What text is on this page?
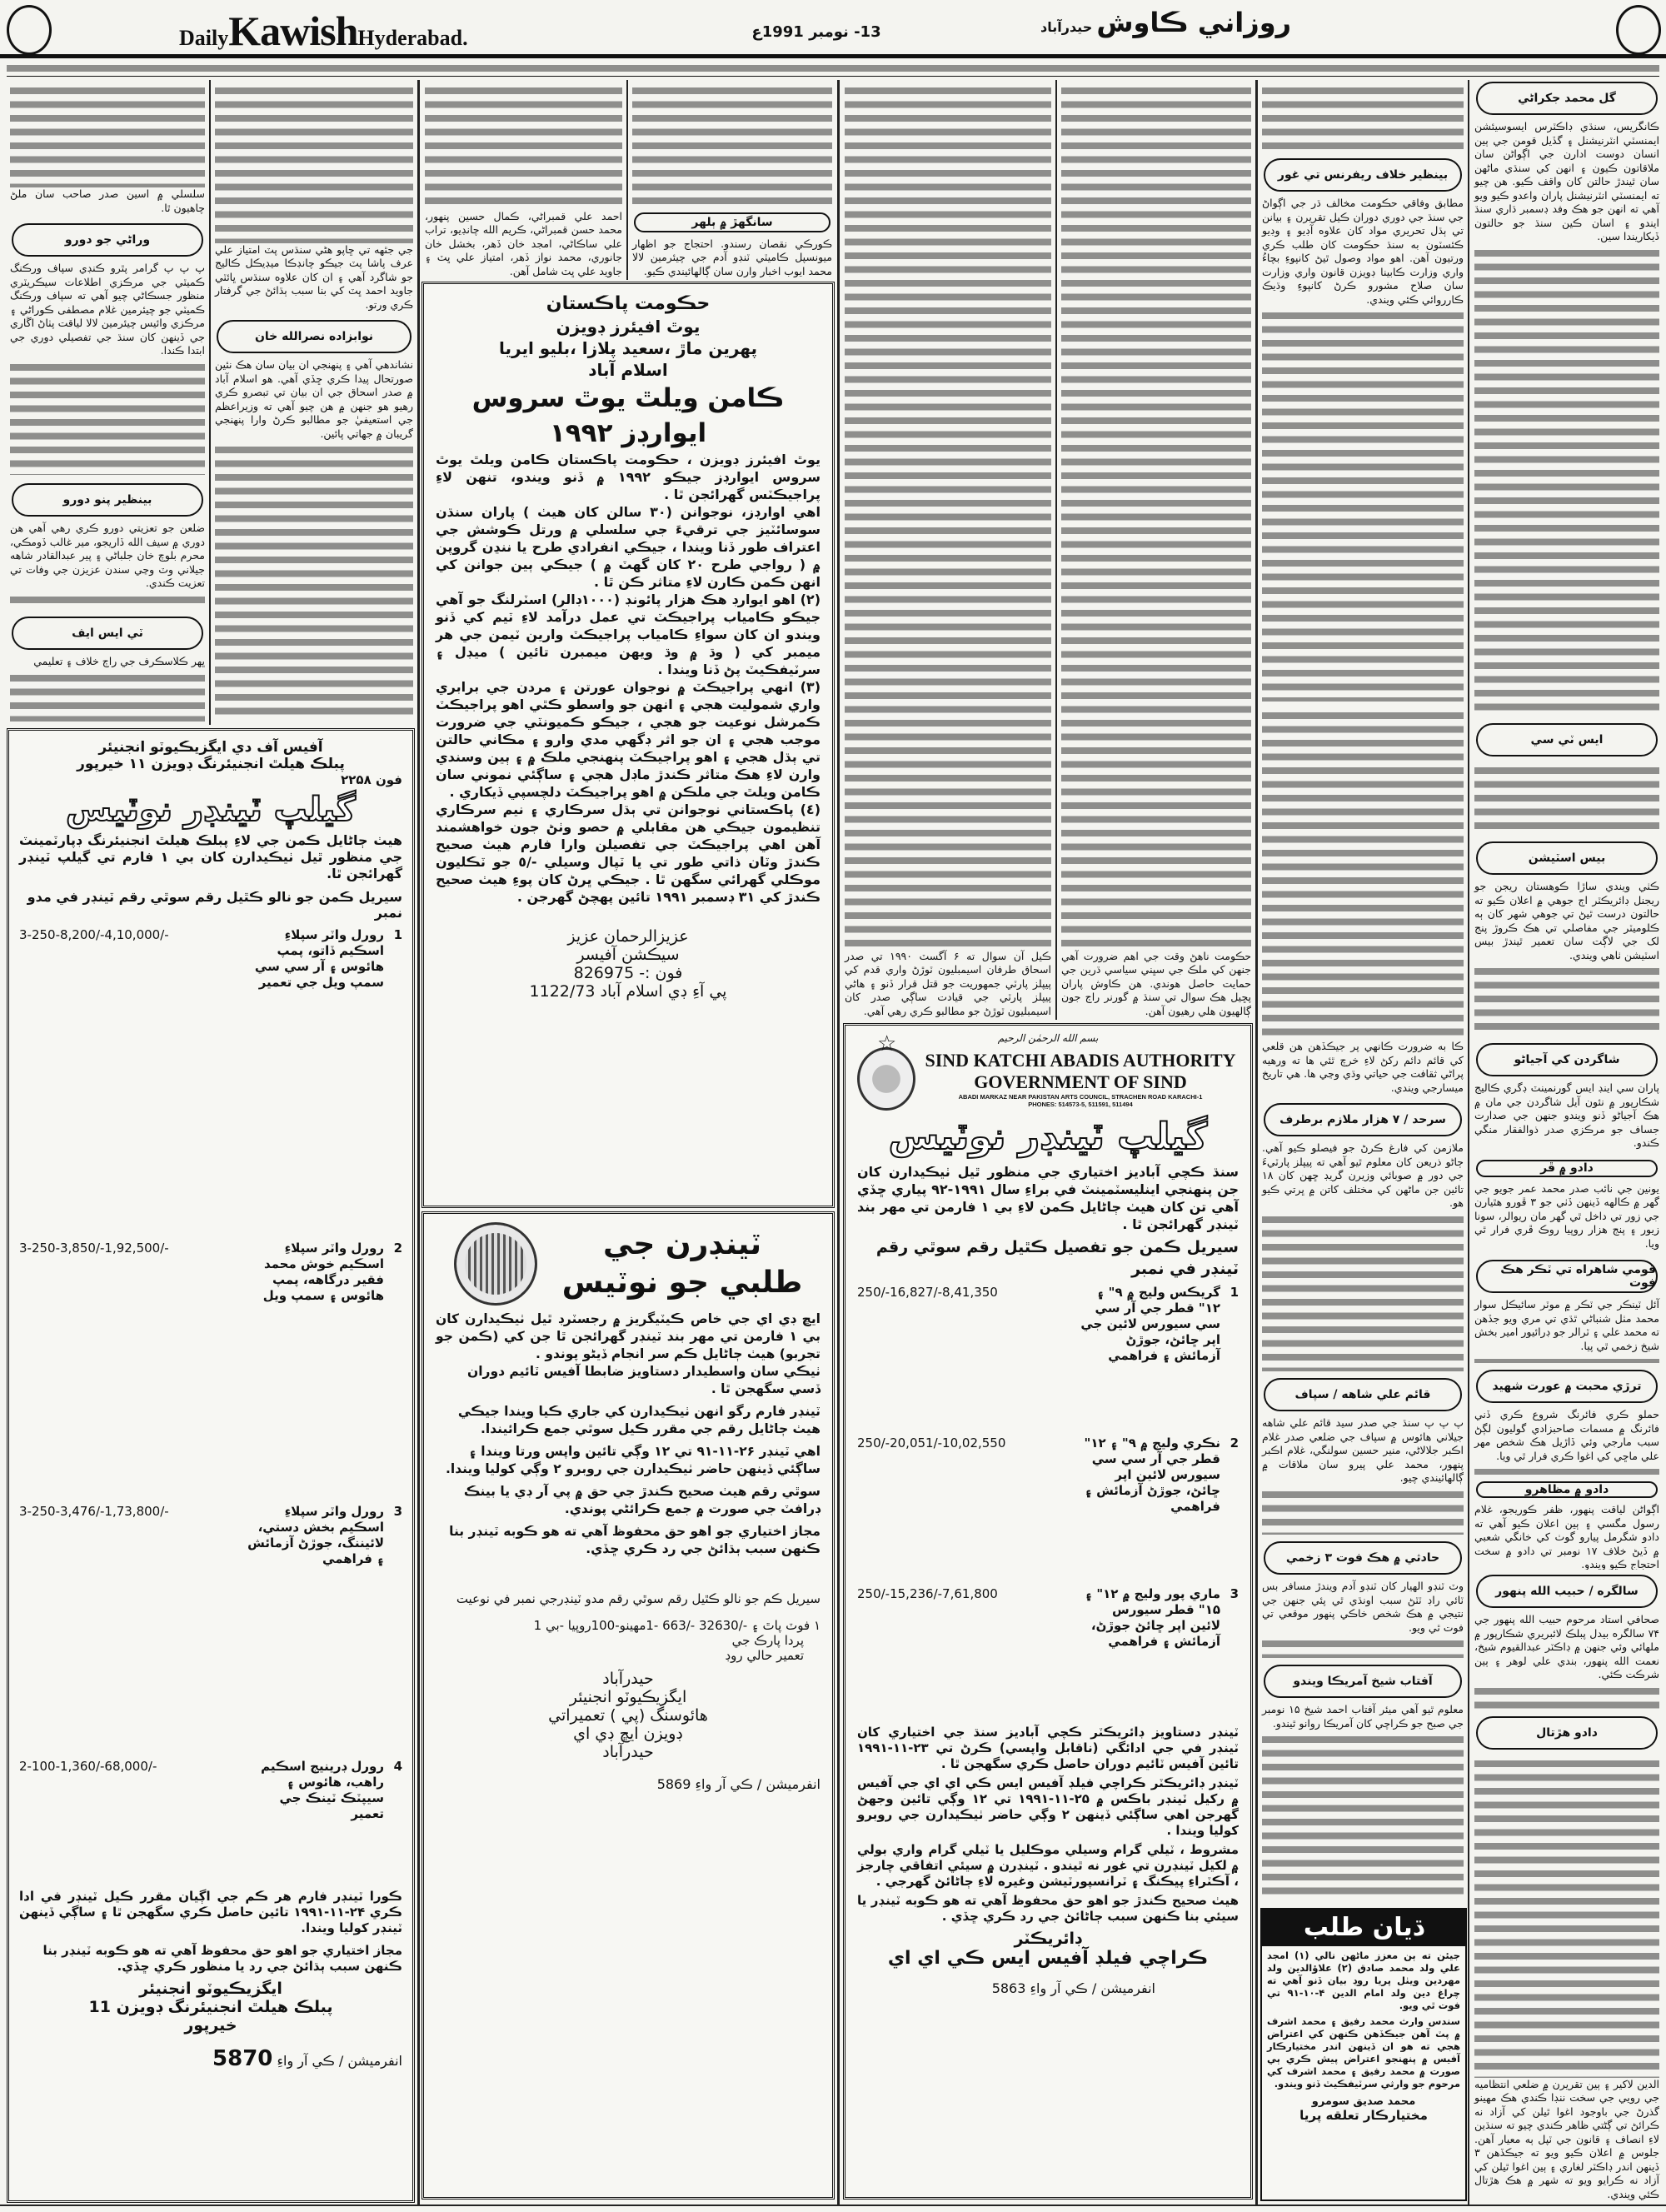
DailyKawishHyderabad.	13- نومبر 1991ع	روزاني ڪاوش حيدرآباد

سلسلي ۾ اسين صدر صاحب سان ملڻ چاهيون ٿا.

وراڻي جو دورو

پ پ پ گرامر پٿرو ڪنڊي سپاف ورڪنگ ڪميٽي جي مرڪزي اطلاعات سيڪريٽري منظور جسڪاڻي چيو آهي ته سپاف ورڪنگ ڪميٽي جو چيئرمين غلام مصطفى ڪوراڻي ۽ مرڪزي وائيس چيئرمين لالا لياقت پٺاڻ اڱاري جي ڏينهن کان سنڌ جي تفصيلي دوري جي ابتدا ڪندا.

بينظير پنو دورو

ضلعن جو تعزيتي دورو ڪري رهي آهي هن دوري ۾ سيف الله ڏاريجو، مير غالب ڏومڪي، محرم بلوچ خان جلباڻي ۽ پير عبدالقادر شاهه جيلاني وٽ وڃي سندن عزيزن جي وفات تي تعزيت ڪندي.

ٽي ايس ايف

ڀهر ڪلاسڪرف جي راڄ خلاف ۽ تعليمي

جي جٿهه تي ڇاپو هڻي سنڌس پٽ امتياز علي عرف پاشا پٽ جيڪو چانڊڪا ميڊيڪل ڪاليج جو شاگرد آهي ۽ ان کان علاوه سنڌس ڀائٽي جاويد احمد ڀٽ کي بنا سبب ٻڌائڻ جي گرفتار ڪري ورتو.

نوابزاده نصرالله خان

نشاندهي آهي ۽ پنهنجي ان بيان سان هڪ نئين صورتحال پيدا ڪري ڇڏي آهي. هو اسلام آباد ۾ صدر اسحاق جي ان بيان تي تبصرو ڪري رهيو هو جنهن ۾ هن چيو آهي ته وزيراعظم جي استعيفيٰ جو مطالبو ڪرڻ وارا پنهنجي گريبان ۾ جهاتي پائين.

احمد علي قمبراڻي، ڪمال حسين پنهور، محمد حسن قمبراڻي، ڪريم الله چانڊيو، تراب علي ساڪاڻي، امجد خان ڏهر، بخشل خان جانوري، محمد نواز ڏهر، امتياز علي ڀٽ ۽ جاويد علي ڀٽ شامل آهن.

سانگهڙ ۾ ٻلهر

ڪورڪي نقصان رسندو. احتجاج جو اظهار ميونسپل ڪاميٽي ٽنڊو آدم جي چيئرمين لالا محمد ايوب اخبار وارن سان ڳالهائيندي ڪيو.

ڪيل آن سوال ته ۶ آگسٽ ۱۹۹۰ تي صدر اسحاق طرفان اسيمبليون ٽوڙڻ واري قدم کي پيپلز پارٽي جمهوريت جو قتل قرار ڏنو ۽ هاڻي پيپلز پارٽي جي قيادت ساڳي صدر کان اسيمبليون ٽوڙڻ جو مطالبو ڪري رهي آهي.

حڪومت ناهڻ وقت جي اهم ضرورت آهي جنهن کي ملڪ جي سڀني سياسي ڌرين جي حمايت حاصل هوندي. هن ڪاوش پاران پڇيل هڪ سوال تي سنڌ ۾ گورنر راڄ جون ڳالهيون هلي رهيون آهن.

بينظير خلاف ريفرنس تي غور

مطابق وفاقي حڪومت مخالف ڌر جي اڳواڻ جي سنڌ جي دوري دوران ڪيل تقريرن ۽ بيانن تي ٻڌل تحريري مواد کان علاوه آڊيو ۽ وڊيو ڪئسٽون به سنڌ حڪومت کان طلب ڪري ورتيون آهن. اهو مواد وصول ٿيڻ کانپوءِ بچاءُ واري وزارت ڪابينا ڊويزن قانون واري وزارت سان صلاح مشورو ڪرڻ کانپوءِ وڌيڪ ڪارروائي ڪئي ويندي.

ڪا به ضرورت ڪانهي پر جيڪڏهن هن قلعي کي قائم دائم رکڻ لاءِ خرچ ٿئي ها ته ورهيه پراڻي ثقافت جي حياتي وڌي وڃي ها. هي تاريخ ميسارجي ويندي.

سرحد / ۷ هزار ملازم برطرف

ملازمن کي فارغ ڪرڻ جو فيصلو ڪيو آهي. ڄاڻو ذريعن کان معلوم ٿيو آهي ته پيپلز پارٽيءَ جي دور ۾ صوبائي وزيرن گريڊ ڇهن کان ۱۸ تائين جن ماڻهن کي مختلف کاتن ۾ ڀرتي ڪيو هو.

قائم علي شاهه / سپاف

پ پ پ سنڌ جي صدر سيد قائم علي شاهه جيلاني هائوس ۾ سپاف جي ضلعي صدر غلام اڪبر جلالاڻي، منير حسين سولنگي، غلام اڪبر پنهور، محمد علي پيرو سان ملاقات ۾ ڳالهائيندي چيو.

حادثي ۾ هڪ فوت ۳ زخمي

وٽ ٽنڊو الهيار کان ٽنڊو آدم ويندڙ مسافر بس ٽائي راڊ ٽٽڻ سبب اونڌي ٿي پئي جنهن جي نتيجي ۾ هڪ شخص خاڪي پنهور موقعي تي فوت ٿي ويو.

آفتاب شيخ آمريڪا ويندو

معلوم ٿيو آهي ميئر آفتاب احمد شيخ ۱۵ نومبر جي صبح جو ڪراچي کان آمريڪا روانو ٿيندو.

گل محمد جکراڻي

ڪانگريس، سنڌي ڊاڪٽرس ايسوسيئشن ايمنسٽي انٽرنيشنل ۽ گڏيل قومن جي ٻين انسان دوست ادارن جي اڳواڻن سان ملاقاتون ڪيون ۽ انهن کي سنڌي ماڻهن سان ٿيندڙ حالتن کان واقف ڪيو. هن چيو ته ايمنسٽي انٽرنيشنل پاران واعدو ڪيو ويو آهي ته انهن جو هڪ وفد ڊسمبر ڌاري سنڌ ايندو ۽ اسان ڪين سنڌ جو حالتون ڏيکاريندا سين.

ايس ٽي سي
بيس اسٽيشن

ڪٺي ويندي ساڙا ڪوهستان ريجن جو ريجنل ڊائريڪٽر اڄ جوهي ۾ اعلان ڪيو ته حالتون درست ٿيڻ تي جوهي شهر کان ٻه ڪلوميٽر جي مفاصلي تي هڪ ڪروڙ پنج لک جي لاڳت سان تعمير ٿيندڙ بيس اسٽيشن ٺاهي ويندي.

شاگردن کي آجياڻو

پاران سي اينڊ ايس گورنمينٽ ڊگري ڪاليج شڪارپور ۾ نئون آيل شاگردن جي مان ۾ هڪ آجياڻو ڏنو ويندو جنهن جي صدارت جساف جو مرڪزي صدر ذوالفقار منگي ڪندو.

دادو ۾ ڦر

يونين جي نائب صدر محمد عمر جويو جي گهر ۾ ڪالهه ڏينهن ڏٺي جو ۳ ڦورو هٿيارن جي زور تي داخل ٿي گهر مان ريوالر، سونا زيور ۽ پنج هزار روپيا روڪ ڦري فرار ٿي ويا.

قومي شاهراه تي ٽڪر هڪ فوت

آئل ٽينڪر جي ٽڪر ۾ موٽر سائيڪل سوار محمد مٺل شنباڻي ٿڌي تي مري ويو جڏهن ته محمد علي ۽ ٽرالر جو ڊرائيور امير بخش شيخ زخمي ٿي پيا.

ترڙي محبت ۾ عورت شهيد

حملو ڪري فائرنگ شروع ڪري ڏني فائرنگ ۾ مسمات صاحبزادي گوليون لڳڻ سبب مارجي وئي ڏاڙيل هڪ شخص مهر علي ماڇي کي اغوا ڪري فرار ٿي ويا.

دادو ۾ مظاهرو

اڳواڻن لياقت پنهور، ظفر ڪوريجو، غلام رسول مگسي ۽ ٻين اعلان ڪيو آهي ته دادو شگرمل پيارو گوٺ کي خانگي شعبي ۾ ڏيڻ خلاف ۱۷ نومبر تي دادو ۾ سخت احتجاج ڪيو ويندو.

سالگره / حبيب الله پنهور

صحافي استاد مرحوم حبيب الله پنهور جي ۷۴ سالگره بيدل پبلڪ لائبريري شڪارپور ۾ ملهائي وئي جنهن ۾ ڊاڪٽر عبدالقيوم شيخ، نعمت الله پنهور، بندي علي لوهر ۽ ٻين شرڪت ڪئي.

دادو هڙتال

الدين لاکير ۽ ٻين تقريرن ۾ ضلعي انتظاميه جي رويي جي سخت ننڊا ڪندي هڪ مهينو گذرڻ جي باوجود اغوا ٿيلن کي آزاد نه ڪرائڻ تي ڳڻتي ظاهر ڪندي چيو ته سنڌين لاءِ انصاف ۽ قانون جي ٽپل ٻه معيار آهن. جلوس ۾ اعلان ڪيو ويو ته جيڪڏهن ۳ ڏينهن اندر ڊاڪٽر لغاري ۽ ٻين اغوا ٿيلن کي آزاد نه ڪرايو ويو ته شهر ۾ هڪ هڙتال ڪئي ويندي.

آفيس آف دي ايگزيڪيوٽو انجنيئر
پبلڪ هيلٿ انجنيئرنگ ڊويزن ۱۱ خيرپور
فون ۲۲۵۸
گيلپ ٽينڊر نوٽيس
هيٺ ڄاڻايل ڪمن جي لاءِ پبلڪ هيلٿ انجنيئرنگ ڊپارٽمينٽ جي منظور ٿيل ٺيڪيدارن کان بي ۱ فارم تي گيلپ ٽينڊر گهرائجن ٿا.
سيريل ڪمن جو نالو ڪٿيل رقم سوٿي رقم ٽينڊر في مدو نمبر
1
رورل واٽر سپلاءِ اسڪيم ڏاتو، پمپ هائوس ۽ آر سي سي سمپ ويل جي تعمير
3-250-8,200/-4,10,000/-
2
رورل واٽر سپلاءِ اسڪيم خوش محمد فقير درگاهه، پمپ هائوس ۽ سمپ ويل
3-250-3,850/-1,92,500/-
3
رورل واٽر سپلاءِ اسڪيم بخش دستي، لائيننگ، جوڙڻ آزمائش ۽ فراهمي
3-250-3,476/-1,73,800/-
4
رورل ڊرينيج اسڪيم راهب، هائوس ۽ سيپٽڪ ٽينڪ جي تعمير
2-100-1,360/-68,000/-
ڪورا ٽينڊر فارم هر ڪم جي اڳيان مقرر ڪيل ٽينڊر في ادا ڪري ۲۴-۱۱-۱۹۹۱ تائين حاصل ڪري سگهجن ٿا ۽ ساڳي ڏينهن ٽينڊر کوليا ويندا.
مجاز اختياري جو اهو حق محفوظ آهي ته هو ڪوبه ٽينڊر بنا ڪنهن سبب ٻڌائڻ جي رد يا منظور ڪري ڇڏي.
ايگزيڪيوٽو انجنيئر
پبلڪ هيلٿ انجنيئرنگ ڊويزن 11
خيرپور
انفرميشن / ڪي آر واءِ 5870
حڪومت پاڪستان
يوٿ افيئرز ڊويزن
پهرين ماڙ ،سعيد پلازا ،بليو ايريا
اسلام آباد
ڪامن ويلٿ يوٿ سروس ايوارڊز ١٩٩٢
يوٿ افيئرز ڊويزن ، حڪومت پاڪستان ڪامن ويلٿ يوٿ سروس ايوارڊز جيڪو ١٩٩٢ ۾ ڏنو ويندو، تنهن لاءِ پراجيڪٽس گهرائجن ٿا .
اهي اوارڊز، نوجوانن (٣٠ سالن کان هيٺ ) پاران سنڌن سوسائٽيز جي ترقيءَ جي سلسلي ۾ ورتل ڪوشش جي اعتراف طور ڏنا ويندا ، جيڪي انفرادي طرح يا ننڍن گروپن ۾ ( رواجي طرح ٢٠ کان گهٽ ۾ ) جيڪي ٻين جوانن کي انهن ڪمن ڪارن لاءِ متاثر ڪن ٿا .
(٢) اهو ايوارڊ هڪ هزار پائونڊ (١٠٠٠ڊالر) اسٽرلنگ جو آهي جيڪو ڪامياب پراجيڪٽ تي عمل درآمد لاءِ ٽيم کي ڏنو ويندو ان کان سواءِ ڪامياب پراجيڪٽ وارين ٽيمن جي هر ميمبر کي ( وڌ ۾ وڌ ويهن ميمبرن تائين ) ميڊل ۽ سرٽيفڪيٽ پڻ ڏنا ويندا .
(٣) انهي پراجيڪٽ ۾ نوجوان عورتن ۽ مردن جي برابري واري شموليت هجي ۽ انهن جو واسطو ڪٿي اهو پراجيڪٽ ڪمرشل نوعيت جو هجي ، جيڪو ڪميونٽي جي ضرورت موجب هجي ۽ ان جو اثر ڊگهي مدي وارو ۽ مڪاني حالتن تي ٻڌل هجي ۽ اهو پراجيڪٽ پنهنجي ملڪ ۾ ۽ ٻين وسندي وارن لاءِ هڪ متاثر ڪندڙ ماڊل هجي ۽ ساڳئي نموني سان ڪامن ويلٿ جي ملڪن ۾ اهو پراجيڪٽ دلچسپي ڏيکاري .
(٤) پاڪستاني نوجوانن تي ٻڌل سرڪاري ۽ نيم سرڪاري تنظيمون جيڪي هن مقابلي ۾ حصو وٺڻ جون خواهشمند آهن اهي پراجيڪٽ جي تفصيلن وارا فارم هيٺ صحيح ڪندڙ وٽان ذاتي طور تي يا ٽپال وسيلي -/٥ جو ٽڪليون موڪلي گهرائي سگهن ٿا . جيڪي ڀرڻ کان پوءِ هيٺ صحيح ڪندڙ کي ٣١ ڊسمبر ١٩٩١ تائين پهچڻ گهرجن .
عزيزالرحمان عزيز
سيڪشن آفيسر
فون :- 826975
پي آءِ ڊي اسلام آباد 1122/73
ٽينڊرن جي
طلبي جو نوٽيس
ايڇ ڊي اي جي خاص ڪيٽيگريز ۾ رجسٽرڊ ٿيل ٺيڪيدارن کان بي ۱ فارمن تي مهر بند ٽينڊر گهرائجن ٿا جن کي (ڪمن جو تجربو) هيٺ ڄاڻايل ڪم سر انجام ڏيڻو پوندو .
ٺيڪي سان واسطيدار دستاويز ضابطا آفيس ٽائيم دوران ڏسي سگهجن ٿا .
ٽينڊر فارم رگو انهن ٺيڪيدارن کي جاري ڪيا ويندا جيڪي هيٺ ڄاڻايل رقم جي مقرر ڪيل سوٿي جمع ڪرائيندا.
اهي ٽينڊر ۲۶-۱۱-۹۱ تي ۱۲ وڳي تائين واپس ورتا ويندا ۽ ساڳئي ڏينهن حاضر ٺيڪيدارن جي روبرو ۲ وڳي کوليا ويندا.
سوٿي رقم هيٺ صحيح ڪندڙ جي حق ۾ پي آر ڊي يا بينڪ ڊرافٽ جي صورت ۾ جمع ڪرائڻي پوندي.
مجاز اختياري جو اهو حق محفوظ آهي ته هو ڪوبه ٽينڊر بنا ڪنهن سبب ٻڌائڻ جي رد ڪري ڇڏي.
سيريل ڪم جو نالو ڪٿيل رقم سوٿي رقم مدو ٽينڊرجي نمبر في نوعيت
۱ فوٽ پاٿ ۽ -/32630 -/663 -1مهينو-100روپيا -بي 1
پردا پارڪ جي
تعمير حالي روڊ
حيدرآباد
ايگزيڪيوٽو انجنيئر
هائوسنگ (پي ) تعميراتي
ڊويزن ايڇ ڊي اي
حيدرآباد
انفرميشن / ڪي آر واءِ 5869
بسم الله الرحمٰن الرحيم
☆
SIND KATCHI ABADIS AUTHORITY
GOVERNMENT OF SIND
ABADI MARKAZ NEAR PAKISTAN ARTS COUNCIL, STRACHEN ROAD KARACHI-1
PHONES: 514573-5, 511591, 511494
گيلپ ٽينڊر نوٽيس
سنڌ ڪچي آباديز اختياري جي منظور ٿيل ٺيڪيدارن کان جن پنهنجي اينليسٽمينٽ في براءِ سال ۱۹۹۱-۹۲ پياري ڇڏي آهي تن کان هيٺ ڄاڻايل ڪمن لاءِ بي ۱ فارمن تي مهر بند ٽينڊر گهرائجن ٿا .
سيريل ڪمن جو تفصيل ڪٿيل رقم سوٿي رقم ٽينڊر في نمبر
1
گريڪس وليج ۾ ۹" ۽ ۱۲" قطر جي آر سي سي سيورس لائين جي اپر ڇائڻ، جوڙڻ آزمائش ۽ فراهمي
250/-16,827/-8,41,350
2
نڪري وليج ۾ ۹" ۽ ۱۲" قطر جي آر سي سي سيورس لائين اپر ڇائڻ، جوڙڻ آزمائش ۽ فراهمي
250/-20,051/-10,02,550
3
ماري پور وليج ۾ ۱۲" ۽ ۱۵" قطر سيورس لائين اپر ڇائڻ جوڙڻ، آزمائش ۽ فراهمي
250/-15,236/-7,61,800
ٽينڊر دستاويز ڊائريڪٽر ڪچي آباديز سنڌ جي اختياري کان ٽينڊر في جي ادائگي (ناقابل واپسي) ڪرڻ تي ۲۳-۱۱-۱۹۹۱ تائين آفيس ٽائيم دوران حاصل ڪري سگهجن ٿا .
ٽينڊر ڊائريڪٽر ڪراچي فيلڊ آفيس ايس ڪي اي اي جي آفيس ۾ رکيل ٽينڊر باڪس ۾ ۲۵-۱۱-۱۹۹۱ تي ۱۲ وڳي تائين وجهڻ گهرجن اهي ساڳئي ڏينهن ۲ وڳي حاضر ٺيڪيدارن جي روبرو کوليا ويندا .
مشروط ، ٽيلي گرام وسيلي موڪليل يا ٽيلي گرام واري بولي ۾ لکيل ٽينڊرن تي غور نه ٿيندو . ٽينڊرن ۾ سيئي اتفاقي چارجز ، آڪٽراءِ پيڪنگ ۽ ٽرانسپورٽيشن وغيره لاءِ ڄاڻائڻ گهرجي .
هيٺ صحيح ڪندڙ جو اهو حق محفوظ آهي ته هو ڪوبه ٽينڊر يا سيئي بنا ڪنهن سبب ڄاڻائڻ جي رد ڪري ڇڏي .
ڊائريڪٽر
ڪراچي فيلڊ آفيس ايس ڪي اي اي
انفرميشن / ڪي آر واءِ 5863
ڌيان طلب
جيئن ته ٻن معزز ماڻهن نالي (۱) امجد علي ولد محمد صادق (۲) علاؤالدين ولد مهردين ويٺل پريا روڊ بيان ڏنو آهي ته چراغ دين ولد امام الدين ۴-۱۰-۹۱ تي فوت ٿي ويو.
سندس وارث محمد رفيق ۽ محمد اشرف ۾ پٽ آهن جيڪڏهن ڪنهن کي اعتراض هجي ته هو ان ڏينهن اندر مختيارڪار آفيس ۾ پنهنجو اعتراض پيش ڪري ٻي صورت ۾ محمد رفيق ۽ محمد اشرف کي مرحوم جو وارثي سرٽيفڪيٽ ڏنو ويندو.
محمد صديق سومرو
مختيارڪار تعلقه پريا
